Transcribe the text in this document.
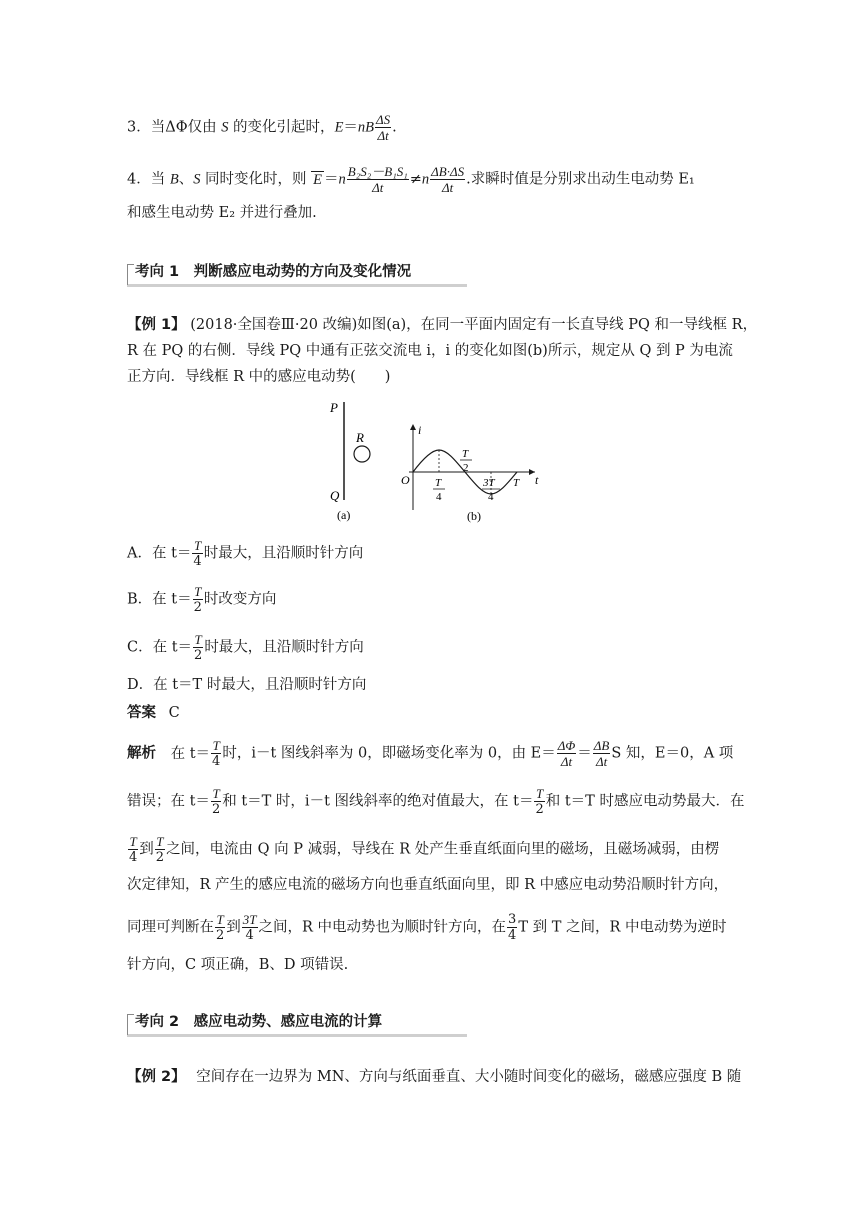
3．当ΔΦ仅由 S 的变化引起时，$E=nB \frac{\Delta S}{\Delta t}$ .
4．当 B、S 同时变化时，则 $E =n \frac{\text{B₂S₂－B₁S₁}}{\Delta t} \ne n \frac{\Delta B\cdot\Delta S}{\Delta t}$ .求瞬时值是分别求出动生电动势 E₁
和感生电动势 E₂ 并进行叠加.
考向 1　判断感应电动势的方向及变化情况
【例 1】 (2018·全国卷Ⅲ·20 改编)如图(a)，在同一平面内固定有一长直导线 PQ 和一导线框 R，
R 在 PQ 的右侧．导线 PQ 中通有正弦交流电 i，i 的变化如图(b)所示，规定从 Q 到 P 为电流
正方向．导线框 R 中的感应电动势(　　)
P
Q
R
(a)
i
O	t
T
4
T
2
3T
4
T
(b)
A．在 $t= \frac{T}{4}$ 时最大，且沿顺时针方向
B．在 $t= \frac{T}{2}$ 时改变方向
C．在 $t= \frac{T}{2}$ 时最大，且沿顺时针方向
D．在 t＝T 时最大，且沿顺时针方向
答案 C
解析 在 $t= \frac{T}{4}$ 时，i－t 图线斜率为 0，即磁场变化率为 0，由 $E= \frac{\Delta\Phi}{\Delta t} = \frac{\Delta B}{\Delta t}$ S 知，E＝0，A 项
错误；在 $t= \frac{T}{2}$ 和 t＝T 时，i－t 图线斜率的绝对值最大，在 $t= \frac{T}{2}$ 和 t＝T 时感应电动势最大．在
$\frac{T}{4}$ 到 $\frac{T}{2}$ 之间，电流由 Q 向 P 减弱，导线在 R 处产生垂直纸面向里的磁场，且磁场减弱，由楞
次定律知，R 产生的感应电流的磁场方向也垂直纸面向里，即 R 中感应电动势沿顺时针方向，
同理可判断在 $\frac{T}{2}$ 到 $\frac{3T}{4}$ 之间，R 中电动势也为顺时针方向，在 $\frac{3}{4}$ T 到 T 之间，R 中电动势为逆时
针方向，C 项正确，B、D 项错误.
考向 2　感应电动势、感应电流的计算
【例 2】 空间存在一边界为 MN、方向与纸面垂直、大小随时间变化的磁场，磁感应强度 B 随
